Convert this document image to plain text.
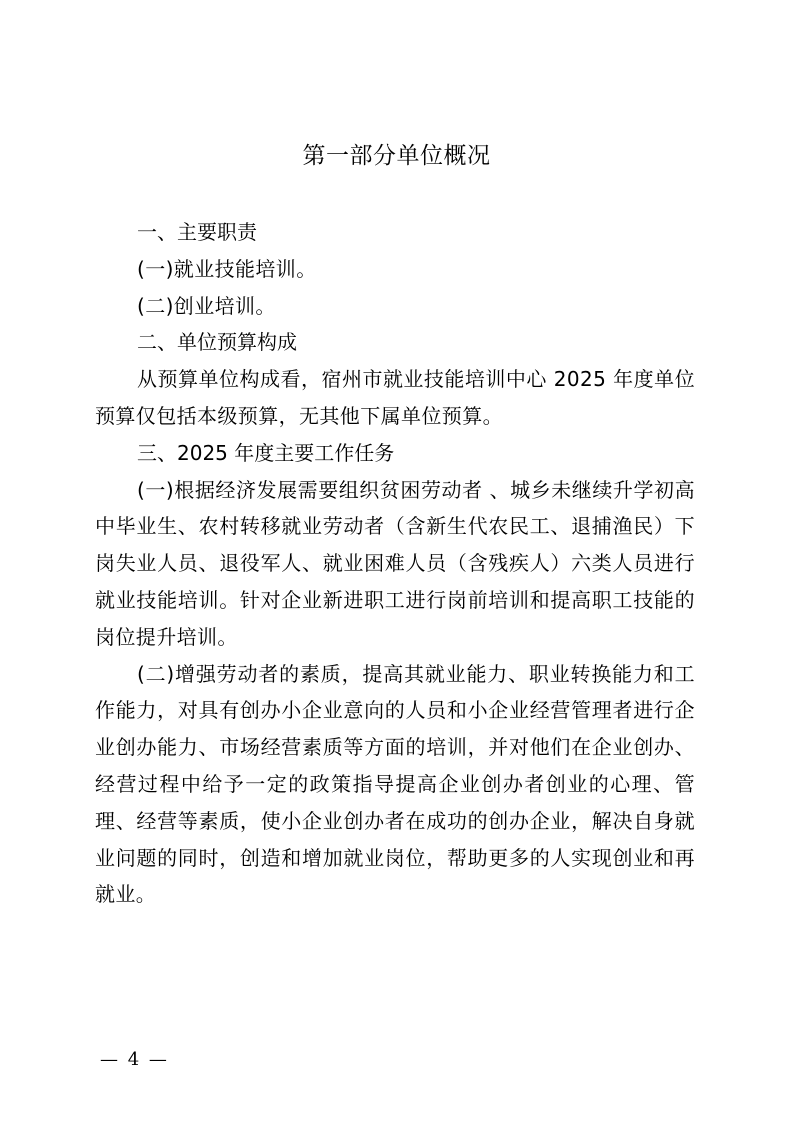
第一部分单位概况

一、主要职责

(一)就业技能培训。

(二)创业培训。

二、单位预算构成

从预算单位构成看，宿州市就业技能培训中心 2025 年度单位预算仅包括本级预算，无其他下属单位预算。

三、2025 年度主要工作任务

(一)根据经济发展需要组织贫困劳动者 、城乡未继续升学初高中毕业生、农村转移就业劳动者（含新生代农民工、退捕渔民）下岗失业人员、退役军人、就业困难人员（含残疾人）六类人员进行就业技能培训。针对企业新进职工进行岗前培训和提高职工技能的岗位提升培训。

(二)增强劳动者的素质，提高其就业能力、职业转换能力和工作能力，对具有创办小企业意向的人员和小企业经营管理者进行企业创办能力、市场经营素质等方面的培训，并对他们在企业创办、经营过程中给予一定的政策指导提高企业创办者创业的心理、管理、经营等素质，使小企业创办者在成功的创办企业，解决自身就业问题的同时，创造和增加就业岗位，帮助更多的人实现创业和再就业。

— 4 —
